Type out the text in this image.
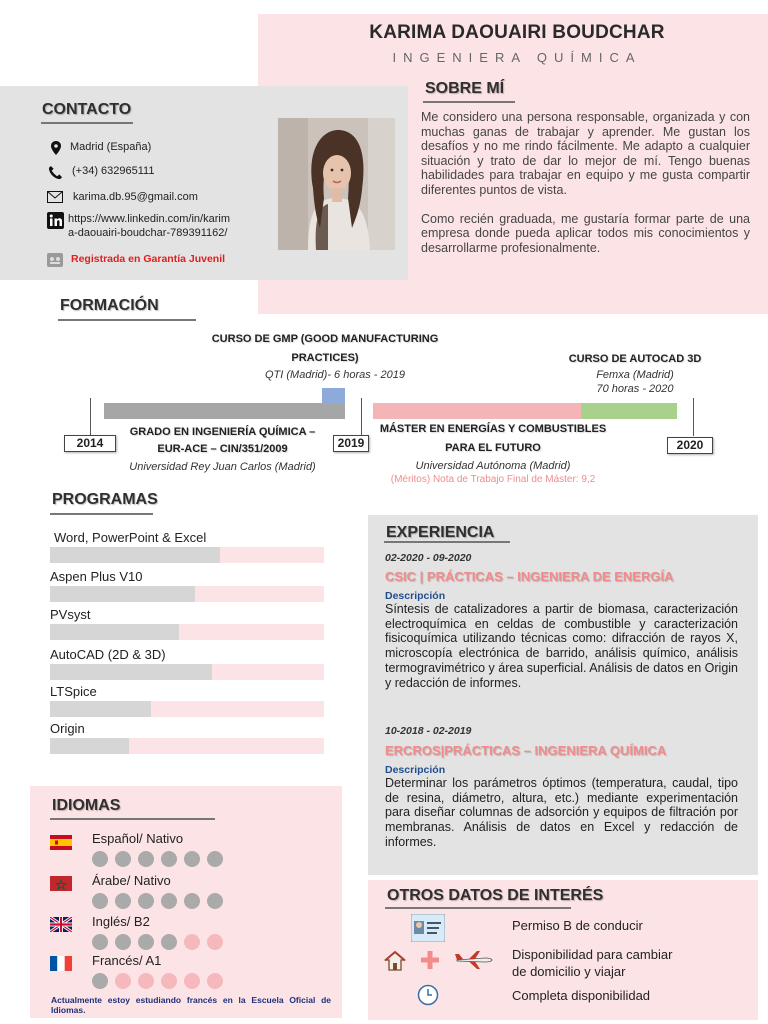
KARIMA DAOUAIRI BOUDCHAR
INGENIERA QUÍMICA
SOBRE MÍ

Me considero una persona responsable, organizada y con muchas ganas de trabajar y aprender. Me gustan los desafíos y no me rindo fácilmente. Me adapto a cualquier situación y trato de dar lo mejor de mí. Tengo buenas habilidades para trabajar en equipo y me gusta compartir diferentes puntos de vista.

Como recién graduada, me gustaría formar parte de una empresa donde pueda aplicar todos mis conocimientos y desarrollarme profesionalmente.

CONTACTO
Madrid (España)
(+34) 632965111
karima.db.95@gmail.com
https://www.linkedin.com/in/karim
a-daouairi-boudchar-789391162/
Registrada en Garantía Juvenil
FORMACIÓN
CURSO DE GMP (GOOD MANUFACTURING
PRACTICES)
QTI (Madrid)- 6 horas - 2019
CURSO DE AUTOCAD 3D
Femxa (Madrid)
70 horas - 2020
2014	2019	2020
GRADO EN INGENIERÍA QUÍMICA –
EUR-ACE – CIN/351/2009
Universidad Rey Juan Carlos (Madrid)
MÁSTER EN ENERGÍAS Y COMBUSTIBLES
PARA EL FUTURO
Universidad Autónoma (Madrid)
(Méritos) Nota de Trabajo Final de Máster: 9,2
PROGRAMAS
Word, PowerPoint & Excel
Aspen Plus V10
PVsyst
AutoCAD (2D & 3D)
LTSpice
Origin
IDIOMAS
Español/ Nativo
Árabe/ Nativo
Inglés/ B2
Francés/ A1
Actualmente estoy estudiando francés en la Escuela Oficial de Idiomas.
EXPERIENCIA
02-2020 - 09-2020
CSIC | PRÁCTICAS – INGENIERA DE ENERGÍA
Descripción
Síntesis de catalizadores a partir de biomasa, caracterización electroquímica en celdas de combustible y caracterización fisicoquímica utilizando técnicas como: difracción de rayos X, microscopía electrónica de barrido, análisis químico, análisis termogravimétrico y área superficial. Análisis de datos en Origin y redacción de informes.
10-2018 - 02-2019
ERCROS|PRÁCTICAS – INGENIERA QUÍMICA
Descripción
Determinar los parámetros óptimos (temperatura, caudal, tipo de resina, diámetro, altura, etc.) mediante experimentación para diseñar columnas de adsorción y equipos de filtración por membranas. Análisis de datos en Excel y redacción de informes.
OTROS DATOS DE INTERÉS
Permiso B de conducir
Disponibilidad para cambiar
de domicilio y viajar
Completa disponibilidad
